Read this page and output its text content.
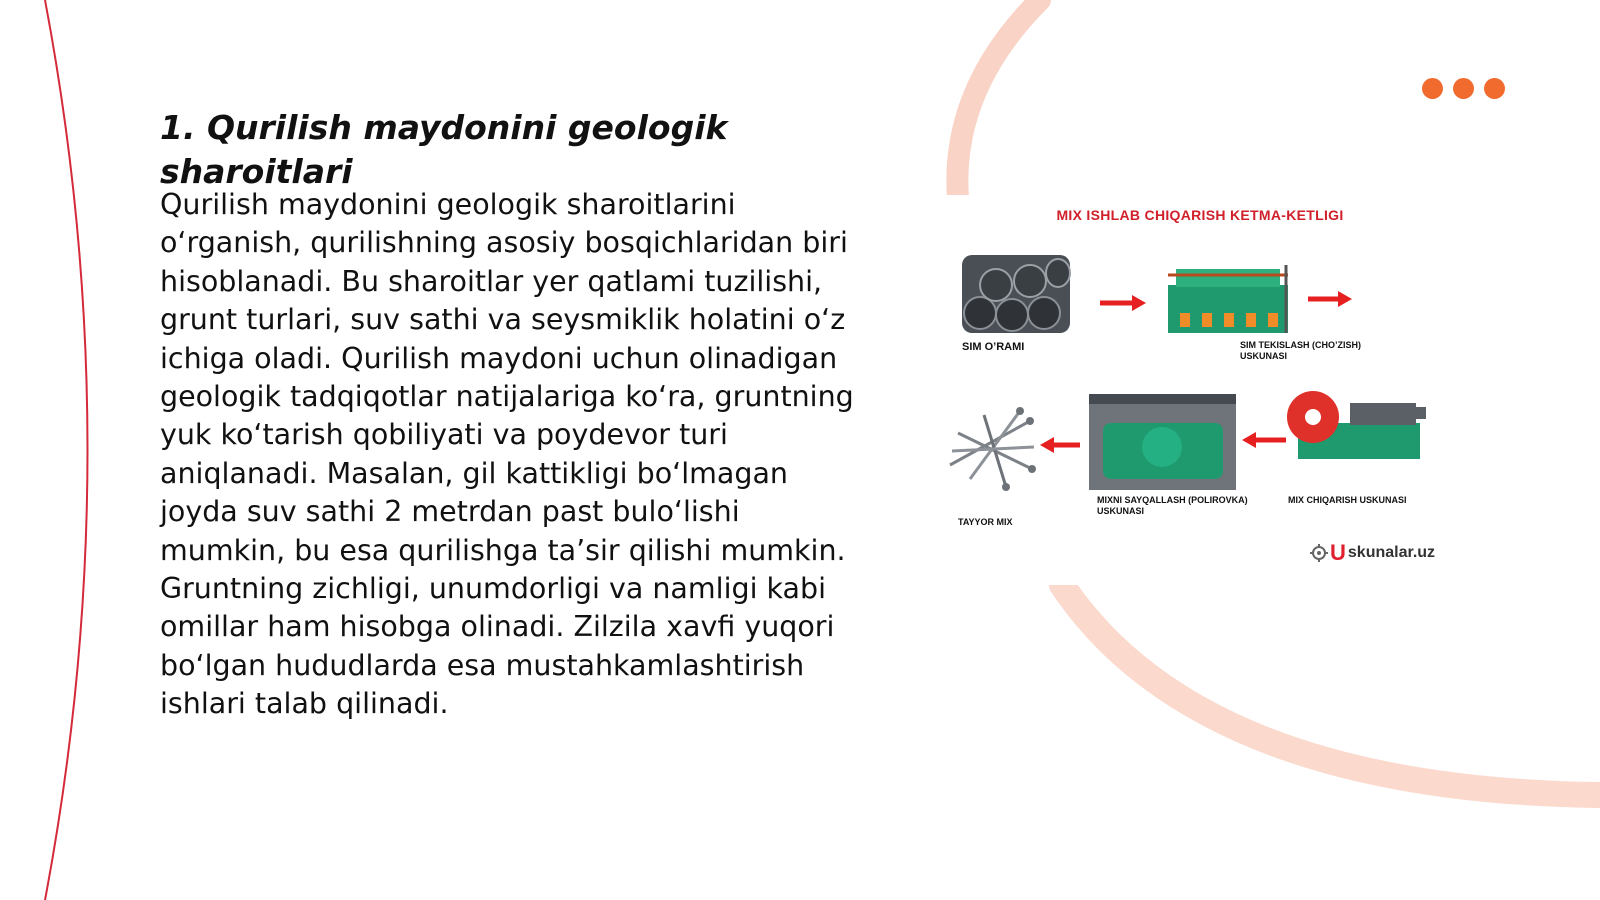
1. Qurilish maydonini geologik sharoitlari

Qurilish maydonini geologik sharoitlarini o‘rganish, qurilishning asosiy bosqichlaridan biri hisoblanadi. Bu sharoitlar yer qatlami tuzilishi, grunt turlari, suv sathi va seysmiklik holatini o‘z ichiga oladi. Qurilish maydoni uchun olinadigan geologik tadqiqotlar natijalariga ko‘ra, gruntning yuk ko‘tarish qobiliyati va poydevor turi aniqlanadi. Masalan, gil kattikligi bo‘lmagan joyda suv sathi 2 metrdan past bulo‘lishi mumkin, bu esa qurilishga ta’sir qilishi mumkin. Gruntning zichligi, unumdorligi va namligi kabi omillar ham hisobga olinadi. Zilzila xavfi yuqori bo‘lgan hududlarda esa mustahkamlashtirish ishlari talab qilinadi.

MIX ISHLAB CHIQARISH KETMA-KETLIGI
SIM O’RAMI	SIM TEKISLASH (CHO’ZISH) USKUNASI
MIX CHIQARISH USKUNASI
MIXNI SAYQALLASH (POLIROVKA) USKUNASI
TAYYOR MIX
U skunalar.uz
